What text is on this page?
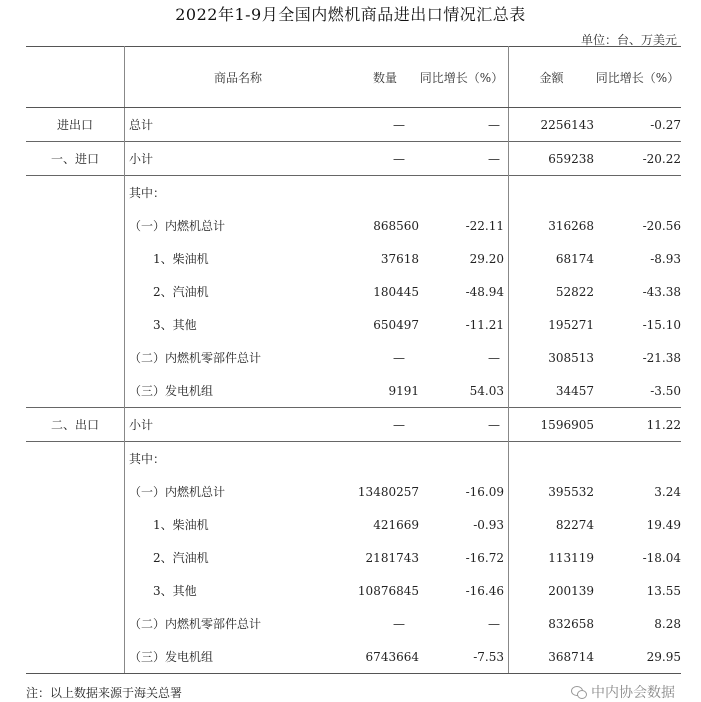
2022年1-9月全国内燃机商品进出口情况汇总表
单位：台、万美元
	商品名称	数量	同比增长（%）	金额	同比增长（%）
进出口	总计	—	—	2256143	-0.27
一、进口	小计	—	—	659238	-20.22
	其中：				
	（一）内燃机总计	868560	-22.11	316268	-20.56
	1、柴油机	37618	29.20	68174	-8.93
	2、汽油机	180445	-48.94	52822	-43.38
	3、其他	650497	-11.21	195271	-15.10
	（二）内燃机零部件总计	—	—	308513	-21.38
	（三）发电机组	9191	54.03	34457	-3.50
二、出口	小计	—	—	1596905	11.22
	其中：				
	（一）内燃机总计	13480257	-16.09	395532	3.24
	1、柴油机	421669	-0.93	82274	19.49
	2、汽油机	2181743	-16.72	113119	-18.04
	3、其他	10876845	-16.46	200139	13.55
	（二）内燃机零部件总计	—	—	832658	8.28
	（三）发电机组	6743664	-7.53	368714	29.95
注：以上数据来源于海关总署	中内协会数据
